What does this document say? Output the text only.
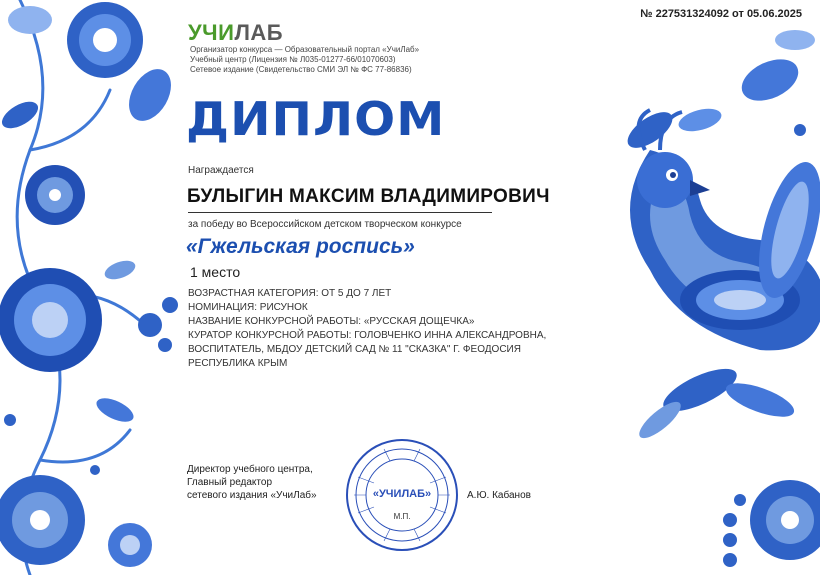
№ 227531324092 от 05.06.2025
УЧИЛАБ
Организатор конкурса — Образовательный портал «УчиЛаб»
Учебный центр (Лицензия № Л035-01277-66/01070603)
Сетевое издание (Свидетельство СМИ ЭЛ № ФС 77-86836)
ДИПЛОМ
Награждается
БУЛЫГИН МАКСИМ ВЛАДИМИРОВИЧ
за победу во Всероссийском детском творческом конкурсе
«Гжельская роспись»
1 место
ВОЗРАСТНАЯ КАТЕГОРИЯ: ОТ 5 ДО 7 ЛЕТ
НОМИНАЦИЯ: РИСУНОК
НАЗВАНИЕ КОНКУРСНОЙ РАБОТЫ: «РУССКАЯ ДОЩЕЧКА»
КУРАТОР КОНКУРСНОЙ РАБОТЫ: ГОЛОВЧЕНКО ИННА АЛЕКСАНДРОВНА,
ВОСПИТАТЕЛЬ, МБДОУ ДЕТСКИЙ САД № 11 "СКАЗКА" Г. ФЕОДОСИЯ
РЕСПУБЛИКА КРЫМ
Директор учебного центра,
Главный редактор
сетевого издания «УчиЛаб»	«УЧИЛАБ»
М.П.
А.Ю. Кабанов
